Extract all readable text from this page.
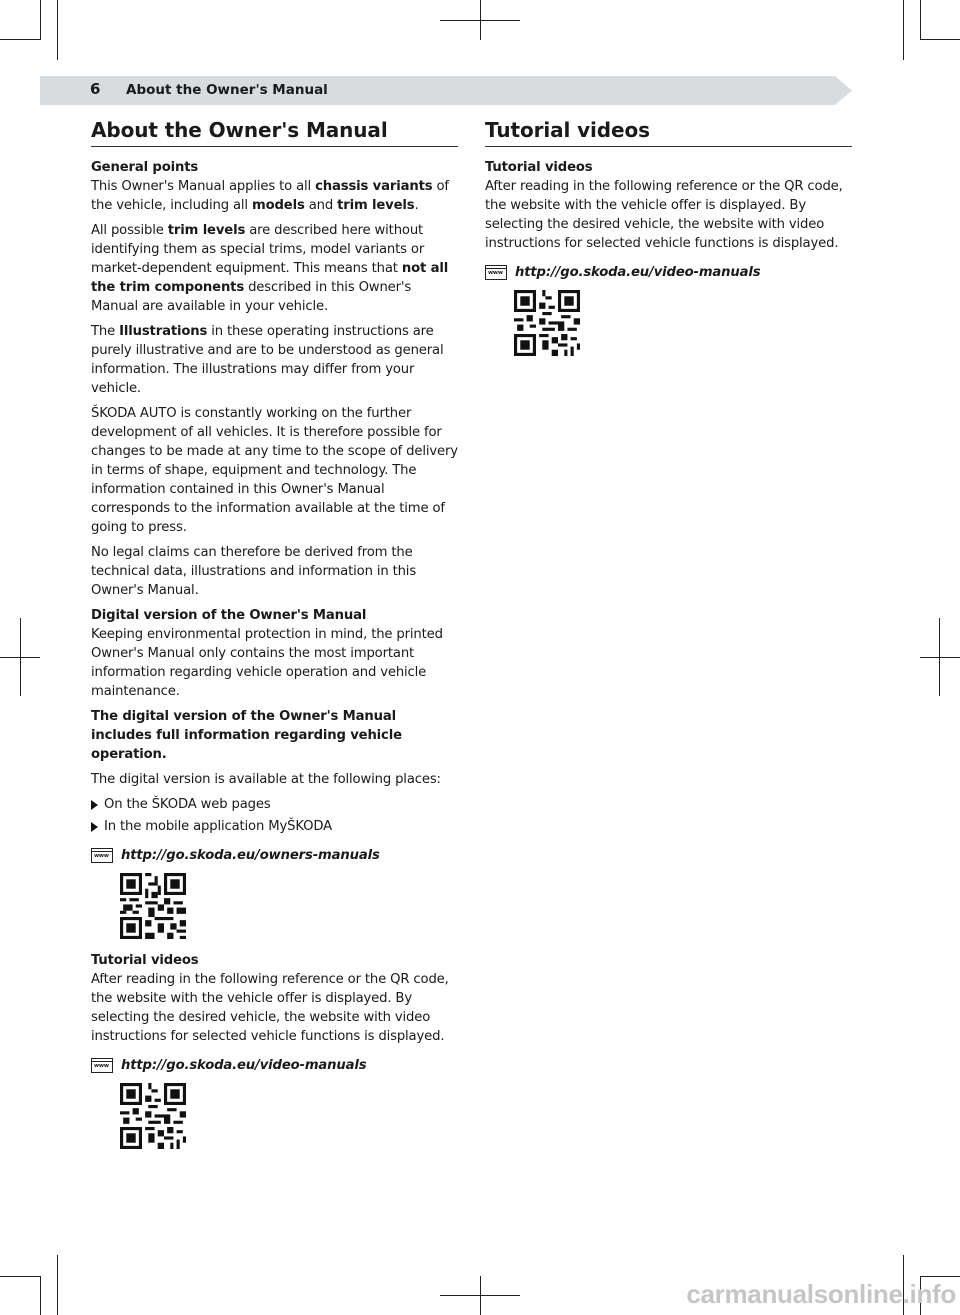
6 About the Owner's Manual
About the Owner's Manual

General points
This Owner's Manual applies to all chassis variants of the vehicle, including all models and trim levels.

All possible trim levels are described here without identifying them as special trims, model variants or market-dependent equipment. This means that not all the trim components described in this Owner's Manual are available in your vehicle.

The Illustrations in these operating instructions are purely illustrative and are to be understood as general information. The illustrations may differ from your vehicle.

ŠKODA AUTO is constantly working on the further development of all vehicles. It is therefore possible for changes to be made at any time to the scope of delivery in terms of shape, equipment and technology. The information contained in this Owner's Manual corresponds to the information available at the time of going to press.

No legal claims can therefore be derived from the technical data, illustrations and information in this Owner's Manual.

Digital version of the Owner's Manual
Keeping environmental protection in mind, the printed Owner's Manual only contains the most important information regarding vehicle operation and vehicle maintenance.

The digital version of the Owner's Manual includes full information regarding vehicle operation.

The digital version is available at the following places:

On the ŠKODA web pages
In the mobile application MyŠKODA
www http://go.skoda.eu/owners-manuals

Tutorial videos
After reading in the following reference or the QR code, the website with the vehicle offer is displayed. By selecting the desired vehicle, the website with video instructions for selected vehicle functions is displayed.

www http://go.skoda.eu/video-manuals
Tutorial videos

Tutorial videos
After reading in the following reference or the QR code, the website with the vehicle offer is displayed. By selecting the desired vehicle, the website with video instructions for selected vehicle functions is displayed.

www http://go.skoda.eu/video-manuals
carmanualsonline.info
